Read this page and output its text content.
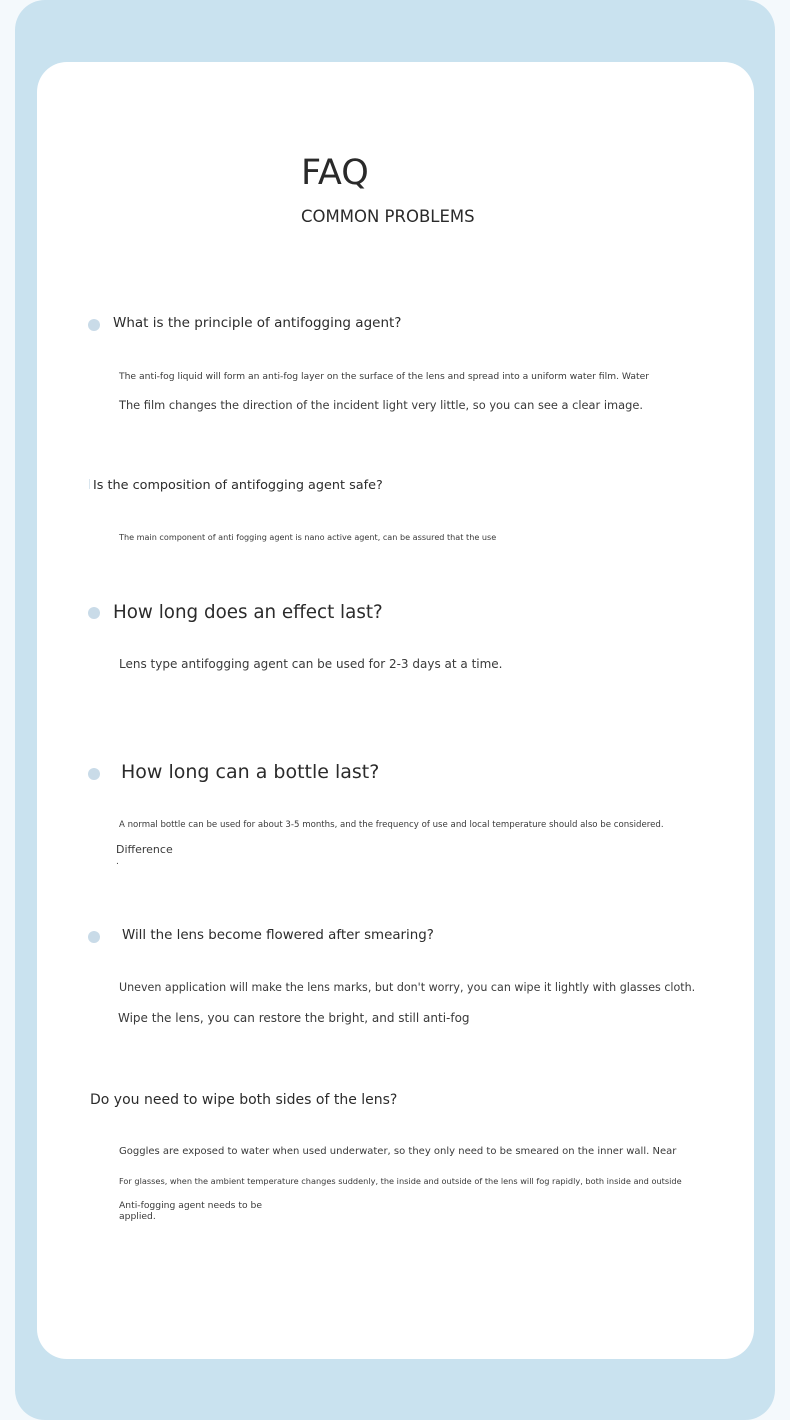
FAQ
COMMON PROBLEMS
What is the principle of antifogging agent?
The anti-fog liquid will form an anti-fog layer on the surface of the lens and spread into a uniform water film. Water
The film changes the direction of the incident light very little, so you can see a clear image.
Is the composition of antifogging agent safe?
The main component of anti fogging agent is nano active agent, can be assured that the use
How long does an effect last?
Lens type antifogging agent can be used for 2-3 days at a time.
How long can a bottle last?
A normal bottle can be used for about 3-5 months, and the frequency of use and local temperature should also be considered.
Difference
.
Will the lens become flowered after smearing?
Uneven application will make the lens marks, but don't worry, you can wipe it lightly with glasses cloth.
Wipe the lens, you can restore the bright, and still anti-fog
Do you need to wipe both sides of the lens?
Goggles are exposed to water when used underwater, so they only need to be smeared on the inner wall. Near
For glasses, when the ambient temperature changes suddenly, the inside and outside of the lens will fog rapidly, both inside and outside
Anti-fogging agent needs to be
applied.
